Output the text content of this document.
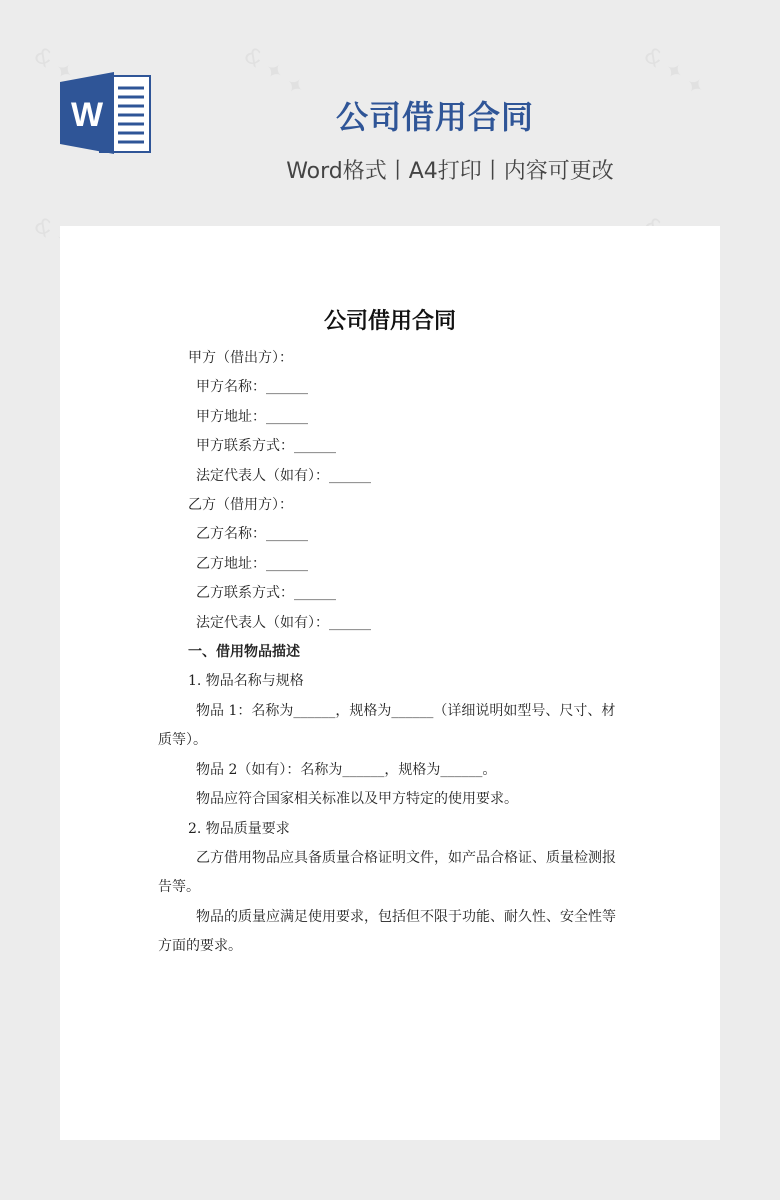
W	公司借用合同
Word格式丨A4打印丨内容可更改
公司借用合同

甲方（借出方）：

甲方名称：______

甲方地址：______

甲方联系方式：______

法定代表人（如有）：______

乙方（借用方）：

乙方名称：______

乙方地址：______

乙方联系方式：______

法定代表人（如有）：______

一、借用物品描述

1. 物品名称与规格

物品 1：名称为______，规格为______（详细说明如型号、尺寸、材质等）。

物品 2（如有）：名称为______，规格为______。

物品应符合国家相关标准以及甲方特定的使用要求。

2. 物品质量要求

乙方借用物品应具备质量合格证明文件，如产品合格证、质量检测报告等。

物品的质量应满足使用要求，包括但不限于功能、耐久性、安全性等方面的要求。
